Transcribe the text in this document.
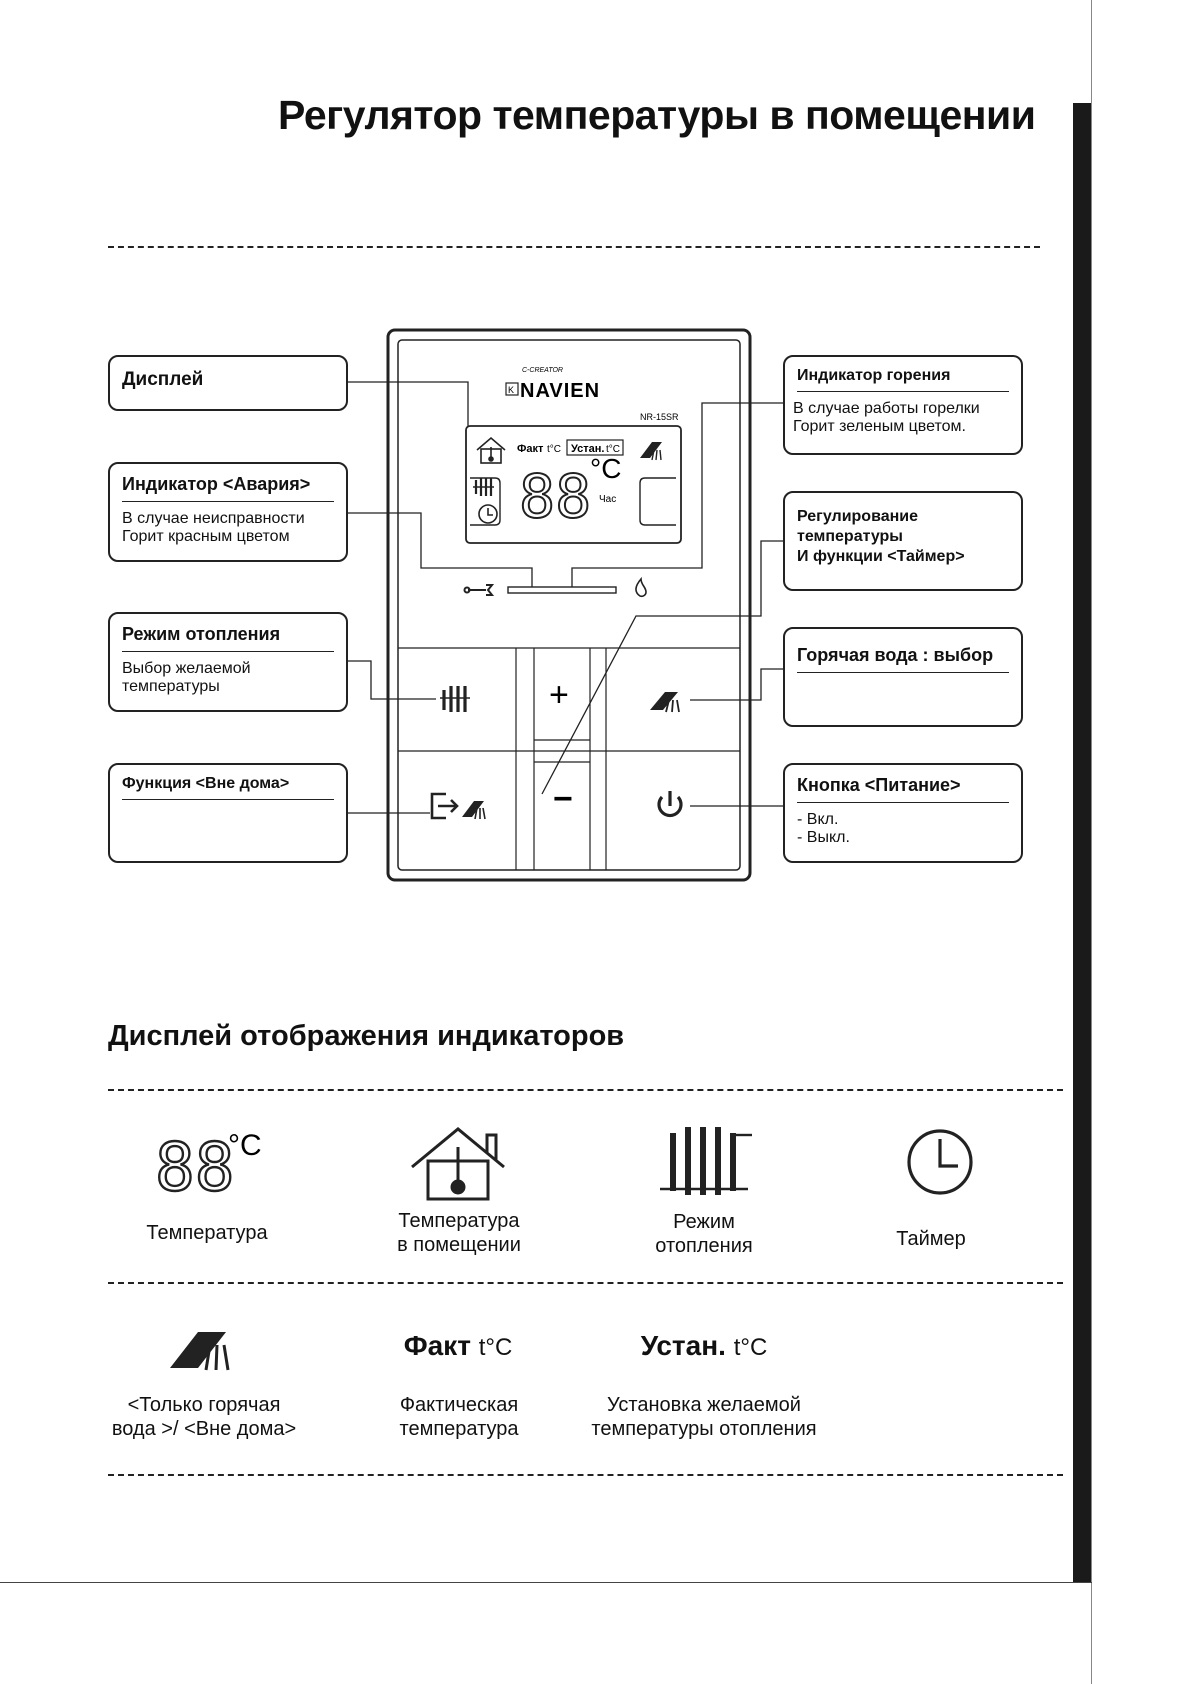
Регулятор температуры в помещении
K
C-CREATOR
NAVIEN
NR-15SR
Факт t°C Устан. t°C
88
°C
Час
+
−
Дисплей
Индикатор <Авария>
В случае неисправности
Горит красным цветом
Режим отопления
Выбор желаемой
температуры
Функция <Вне дома>
Индикатор горения
В случае работы горелки
Горит зеленым цветом.
Регулирование
температуры
И функции <Таймер>
Горячая вода : выбор
Кнопка <Питание>
- Вкл.
- Выкл.
Дисплей отображения индикаторов
88
°C
Факт t°C	Устан. t°C
Температура
Температура
в помещении
Режим
отопления	Таймер
<Только горячая
вода >/ <Вне дома>
Фактическая
температура
Установка желаемой
температуры отопления
